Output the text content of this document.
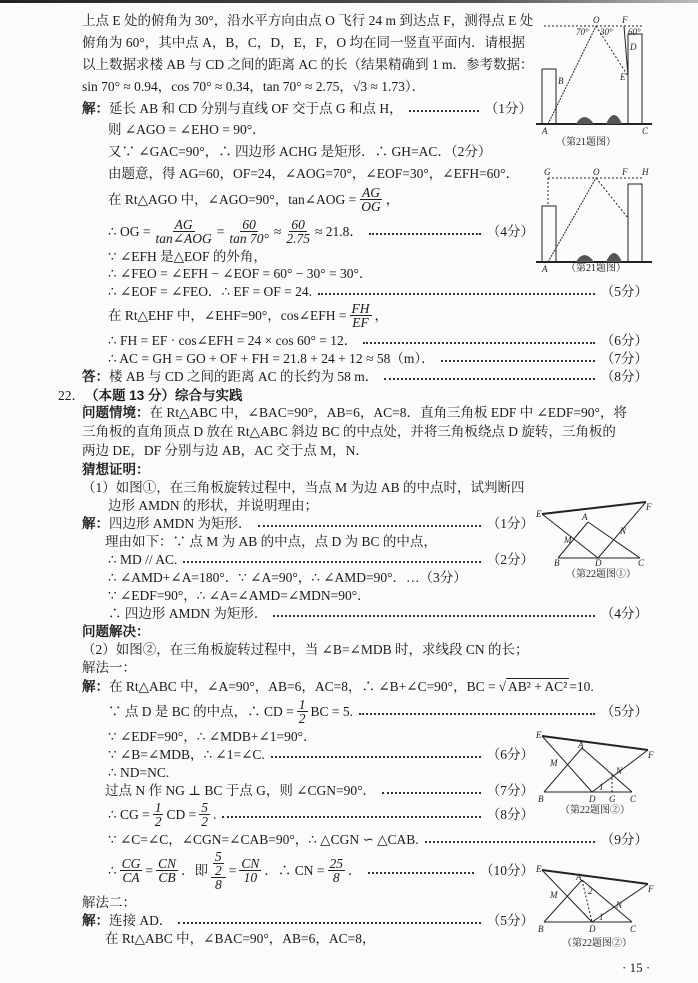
上点 E 处的俯角为 30°，沿水平方向由点 O 飞行 24 m 到达点 F，测得点 E 处
俯角为 60°，其中点 A，B，C，D，E，F，O 均在同一竖直平面内．请根据
以上数据求楼 AB 与 CD 之间的距离 AC 的长（结果精确到 1 m．参考数据：
sin 70° ≈ 0.94，cos 70° ≈ 0.34，tan 70° ≈ 2.75，√3 ≈ 1.73）．
解： 延长 AB 和 CD 分别与直线 OF 交于点 G 和点 H，	（1分）
则 ∠AGO = ∠EHO = 90°．
又∵ ∠GAC=90°，∴ 四边形 ACHG 是矩形．∴ GH=AC．（2分）
由题意，得 AG=60，OF=24，∠AOG=70°，∠EOF=30°，∠EFH=60°．
在 Rt△AGO 中，∠AGO=90°，tan∠AOG = $\frac{AG}{OG}$ ，
∴ OG = $\frac{AG}{\text{tan∠AOG}} = \frac{60}{\tan 70^\circ} \approx \frac{60}{2.75} \approx 21.8$．	（4分）
∵ ∠EFH 是△EOF 的外角，
∴ ∠FEO = ∠EFH − ∠EOF = 60° − 30° = 30°．
∴ ∠EOF = ∠FEO．∴ EF = OF = 24.	（5分）
在 Rt△EHF 中，∠EHF=90°，cos∠EFH = $\frac{FH}{EF}$ ，
∴ FH = EF · cos∠EFH = 24 × cos 60° = 12．	（6分）
∴ AC = GH = GO + OF + FH = 21.8 + 24 + 12 ≈ 58（m）．	（7分）
答： 楼 AB 与 CD 之间的距离 AC 的长约为 58 m．	（8分）
22． （本题 13 分）综合与实践
问题情境： 在 Rt△ABC 中，∠BAC=90°，AB=6，AC=8．直角三角板 EDF 中 ∠EDF=90°，将
三角板的直角顶点 D 放在 Rt△ABC 斜边 BC 的中点处，并将三角板绕点 D 旋转，三角板的
两边 DE，DF 分别与边 AB，AC 交于点 M，N．
猜想证明：
（1）如图①，在三角板旋转过程中，当点 M 为边 AB 的中点时，试判断四
边形 AMDN 的形状，并说明理由；
解： 四边形 AMDN 为矩形．	（1分）
理由如下：∵ 点 M 为 AB 的中点，点 D 为 BC 的中点，
∴ MD // AC.	（2分）
∴ ∠AMD+∠A=180°．∵ ∠A=90°，∴ ∠AMD=90°．…（3分）
∵ ∠EDF=90°，∴ ∠A=∠AMD=∠MDN=90°．
∴ 四边形 AMDN 为矩形．	（4分）
问题解决：
（2）如图②，在三角板旋转过程中，当 ∠B=∠MDB 时，求线段 CN 的长；
解法一：
解： 在 Rt△ABC 中，∠A=90°，AB=6，AC=8，∴ ∠B+∠C=90°，BC = √ AB² + AC² =10.
∵ 点 D 是 BC 的中点，∴ CD = $\frac{1}{2}$ BC = 5.	（5分）
∵ ∠EDF=90°，∴ ∠MDB+∠1=90°．
∵ ∠B=∠MDB，∴ ∠1=∠C.	（6分）
∴ ND=NC.
过点 N 作 NG ⊥ BC 于点 G，则 ∠CGN=90°．	（7分）
∴ CG = $\frac{1}{2}$ CD = $\frac{5}{2}$ .	（8分）
∵ ∠C=∠C，∠CGN=∠CAB=90°，∴ △CGN ∽ △CAB.	（9分）
∴ $\frac{CG}{CA} = \frac{CN}{CB}$ ．即 $\frac{\frac{5}{2}}{8} = \frac{CN}{10}$ ．∴ CN = $\frac{25}{8}$ ．	（10分）
解法二：
解： 连接 AD．	（5分）
在 Rt△ABC 中，∠BAC=90°，AB=6，AC=8，
· 15 ·
O	F
B
D
E
A	C
70° 30° 60°
（第21题图）
G	O	F H
A （第21题图）
E
F
A
M
N
B	D	C
（第22题图①）
E
F
A
M
N
B	D G C
1
（第22题图②）
E
F
A
M
N
B	D	C
1
2
（第22题图②）
